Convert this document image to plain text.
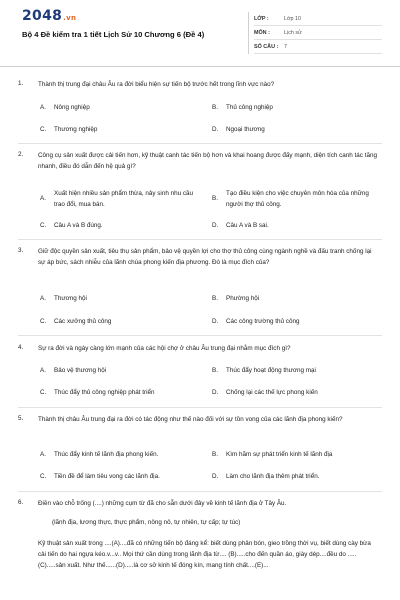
2048.vn
Bộ 4 Đề kiểm tra 1 tiết Lịch Sử 10 Chương 6 (Đề 4)
LỚP :	Lớp 10
MÔN :	Lịch sử
SỐ CÂU : 7
1. Thành thị trung đại châu Âu ra đời biểu hiện sự tiến bộ trước hết trong lĩnh vực nào?
A. Nông nghiệp	B. Thủ công nghiệp
C. Thương nghiệp	D. Ngoại thương
2. Công cụ sản xuất được cải tiến hơn, kỹ thuật canh tác tiến bộ hơn và khai hoang được đấy mạnh, diện tích canh tác tăng nhanh, điều đó dẫn đến hệ quả gì?
A.
Xuất hiện nhiều sản phẩm thừa, nảy sinh nhu cầu trao đổi, mua bán.
B.
Tạo điều kiện cho việc chuyên môn hóa của những người thợ thủ công.
C. Câu A và B đúng.	D. Câu A và B sai.
3. Giữ độc quyền sản xuất, tiêu thụ sản phẩm, bảo vệ quyền lợi cho thợ thủ công cùng ngành nghề và đấu tranh chống lại sự áp bức, sách nhiễu của lãnh chúa phong kiến địa phương. Đó là mục đích của?
A. Thương hội	B. Phường hội
C. Các xưởng thủ công	D. Các công trường thủ công
4. Sự ra đời và ngày càng lớn mạnh của các hội chợ ở châu Âu trung đại nhằm mục đích gì?
A. Bảo vệ thương hội	B. Thúc đẩy hoạt động thương mại
C. Thúc đẩy thủ công nghiệp phát triển	D. Chống lại các thế lực phong kiến
5. Thành thị châu Âu trung đại ra đời có tác động như thế nào đối với sự tồn vong của các lãnh địa phong kiến?
A. Thúc đẩy kinh tế lãnh địa phong kiến.	B. Kìm hãm sự phát triển kinh tế lãnh địa
C. Tiền đề để làm tiêu vong các lãnh địa.	D. Làm cho lãnh địa thêm phát triển.
6. Điền vào chỗ trống (....) những cụm từ đã cho sẵn dưới đây về kinh tế lãnh địa ở Tây Âu.
(lãnh địa, lương thực, thực phẩm, nông nô, tự nhiên, tự cấp; tự túc)
Kỹ thuật sản xuất trong ....(A)....đã có những tiến bộ đáng kể: biết dùng phân bón, gieo trồng thời vụ, biết dùng cày bừa cải tiến do hai ngựa kéo.v...v.. Mọi thứ cần dùng trong lãnh địa từ.... (B).....cho đến quần áo, giày dép....đều do .....(C).....sản xuất. Như thế......(D).....là cơ sở kinh tế đóng kín, mang tính chất....(E)...
